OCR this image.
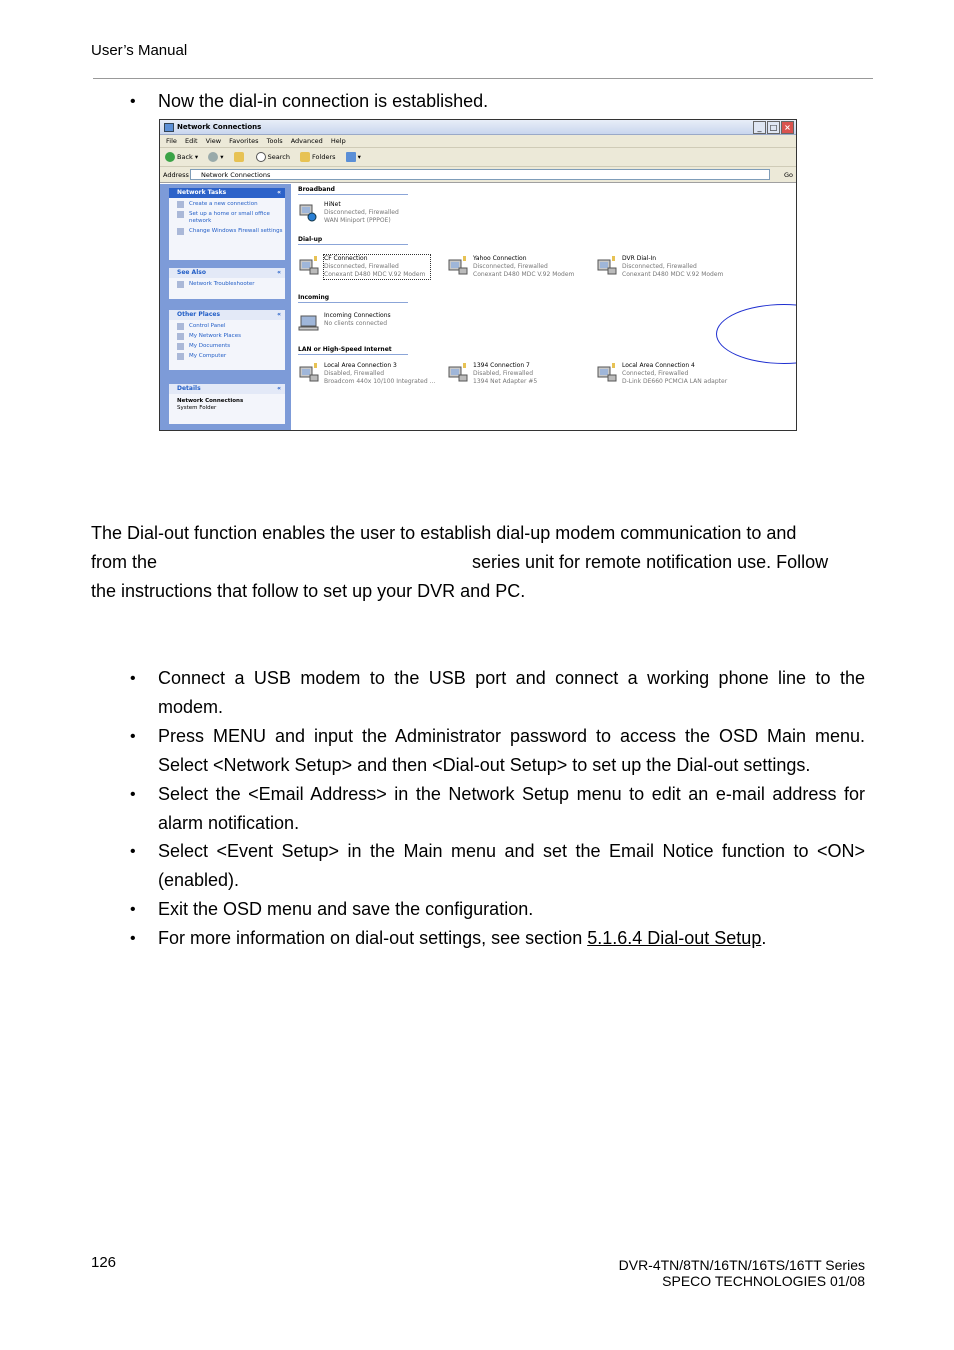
User’s Manual
• Now the dial-in connection is established.
Network Connections	_	□ ×
File Edit View Favorites Tools Advanced Help
Back ▾	▾	Search	Folders	▾
Address	Network Connections	Go
Network Tasks «
Create a new connection
Set up a home or small office network
Change Windows Firewall settings
See Also «
Network Troubleshooter
Other Places «
Control Panel
My Network Places
My Documents
My Computer
Details «
Network Connections
System Folder
Broadband
HiNet
Disconnected, Firewalled
WAN Miniport (PPPOE)
Dial-up
CF Connection
Disconnected, Firewalled
Conexant D480 MDC V.92 Modem
Yahoo Connection
Disconnected, Firewalled
Conexant D480 MDC V.92 Modem
DVR Dial-In
Disconnected, Firewalled
Conexant D480 MDC V.92 Modem
Incoming
Incoming Connections
No clients connected
LAN or High-Speed Internet
Local Area Connection 3
Disabled, Firewalled
Broadcom 440x 10/100 Integrated ...
1394 Connection 7
Disabled, Firewalled
1394 Net Adapter #5
Local Area Connection 4
Connected, Firewalled
D-Link DE660 PCMCIA LAN adapter
The Dial-out function enables the user to establish dial-up modem communication to and
from the	series unit for remote notification use. Follow
the instructions that follow to set up your DVR and PC.
• Connect a USB modem to the USB port and connect a working phone line to the modem.
• Press MENU and input the Administrator password to access the OSD Main menu. Select <Network Setup> and then <Dial-out Setup> to set up the Dial-out settings.
• Select the <Email Address> in the Network Setup menu to edit an e-mail address for alarm notification.
• Select <Event Setup> in the Main menu and set the Email Notice function to <ON> (enabled).
• Exit the OSD menu and save the configuration.
• For more information on dial-out settings, see section 5.1.6.4 Dial-out Setup.
126	DVR-4TN/8TN/16TN/16TS/16TT Series
SPECO TECHNOLOGIES 01/08
